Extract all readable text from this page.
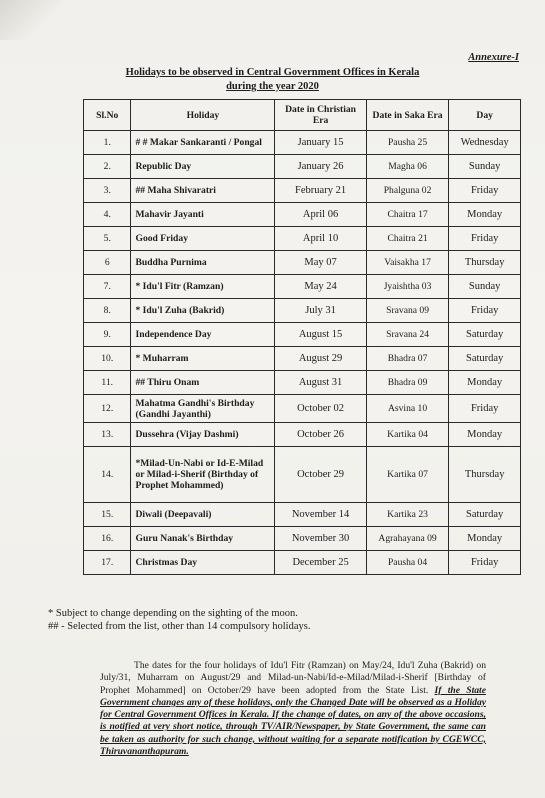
Annexure-I
Holidays to be observed in Central Government Offices in Kerala
during the year 2020
Sl.No	Holiday	Date in Christian Era	Date in Saka Era	Day
1.	# # Makar Sankaranti / Pongal	January 15	Pausha 25	Wednesday
2.	Republic Day	January 26	Magha 06	Sunday
3.	## Maha Shivaratri	February 21	Phalguna 02	Friday
4.	Mahavir Jayanti	April 06	Chaitra 17	Monday
5.	Good Friday	April 10	Chaitra 21	Friday
6	Buddha Purnima	May 07	Vaisakha 17	Thursday
7.	* Idu'l Fitr (Ramzan)	May 24	Jyaishtha 03	Sunday
8.	* Idu'l Zuha (Bakrid)	July 31	Sravana 09	Friday
9.	Independence Day	August 15	Sravana 24	Saturday
10.	* Muharram	August 29	Bhadra 07	Saturday
11.	## Thiru Onam	August 31	Bhadra 09	Monday
12.	Mahatma Gandhi's Birthday (Gandhi Jayanthi)	October 02	Asvina 10	Friday
13.	Dussehra (Vijay Dashmi)	October 26	Kartika 04	Monday
14.	*Milad-Un-Nabi or Id-E-Milad or Milad-i-Sherif (Birthday of Prophet Mohammed)	October 29	Kartika 07	Thursday
15.	Diwali (Deepavali)	November 14	Kartika 23	Saturday
16.	Guru Nanak's Birthday	November 30	Agrahayana 09	Monday
17.	Christmas Day	December 25	Pausha 04	Friday
* Subject to change depending on the sighting of the moon.
## - Selected from the list, other than 14 compulsory holidays.
The dates for the four holidays of Idu'l Fitr (Ramzan) on May/24, Idu'l Zuha (Bakrid) on July/31, Muharram on August/29 and Milad-un-Nabi/Id-e-Milad/Milad-i-Sherif [Birthday of Prophet Mohammed] on October/29 have been adopted from the State List. If the State Government changes any of these holidays, only the Changed Date will be observed as a Holiday for Central Government Offices in Kerala. If the change of dates, on any of the above occasions, is notified at very short notice, through TV/AIR/Newspaper, by State Government, the same can be taken as authority for such change, without waiting for a separate notification by CGEWCC, Thiruvananthapuram.
